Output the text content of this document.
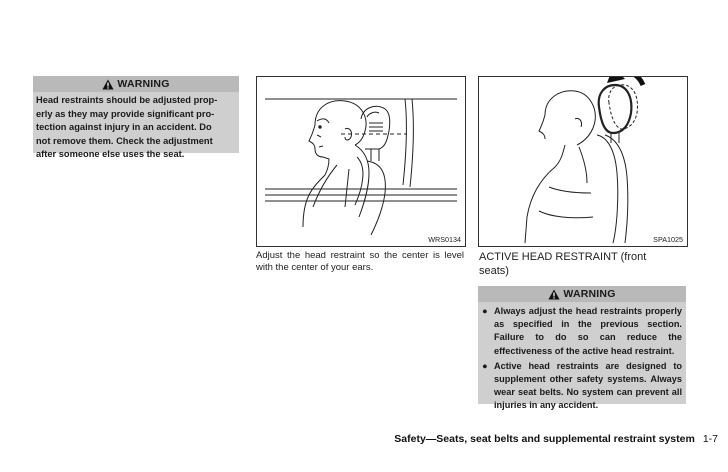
WARNING
Head restraints should be adjusted prop-
erly as they may provide significant pro-
tection against injury in an accident. Do
not remove them. Check the adjustment
after someone else uses the seat.
WRS0134
Adjust the head restraint so the center is level with the center of your ears.
SPA1025
ACTIVE HEAD RESTRAINT (front seats)
WARNING
● Always adjust the head restraints properly as specified in the previous section. Failure to do so can reduce the effectiveness of the active head restraint.
● Active head restraints are designed to supplement other safety systems. Always wear seat belts. No system can prevent all injuries in any accident.
Safety—Seats, seat belts and supplemental restraint system 1-7
